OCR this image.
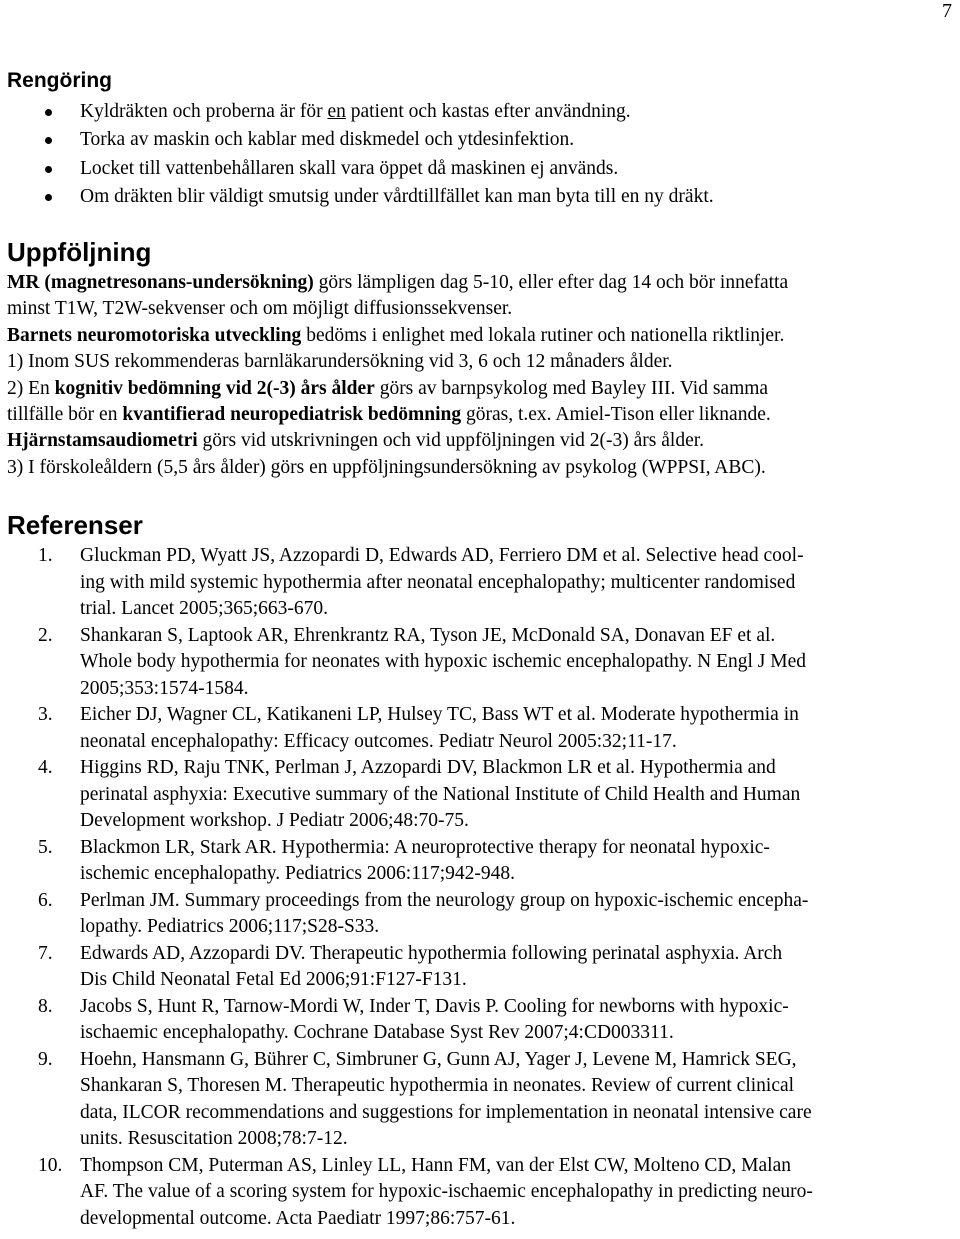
7
Rengöring
Kyldräkten och proberna är för en patient och kastas efter användning.
Torka av maskin och kablar med diskmedel och ytdesinfektion.
Locket till vattenbehållaren skall vara öppet då maskinen ej används.
Om dräkten blir väldigt smutsig under vårdtillfället kan man byta till en ny dräkt.
Uppföljning

MR (magnetresonans-undersökning) görs lämpligen dag 5-10, eller efter dag 14 och bör innefatta

minst T1W, T2W-sekvenser och om möjligt diffusionssekvenser.

Barnets neuromotoriska utveckling bedöms i enlighet med lokala rutiner och nationella riktlinjer.

1) Inom SUS rekommenderas barnläkarundersökning vid 3, 6 och 12 månaders ålder.

2) En kognitiv bedömning vid 2(-3) års ålder görs av barnpsykolog med Bayley III. Vid samma

tillfälle bör en kvantifierad neuropediatrisk bedömning göras, t.ex. Amiel-Tison eller liknande.

Hjärnstamsaudiometri görs vid utskrivningen och vid uppföljningen vid 2(-3) års ålder.

3) I förskoleåldern (5,5 års ålder) görs en uppföljningsundersökning av psykolog (WPPSI, ABC).

Referenser
1.	Gluckman PD, Wyatt JS, Azzopardi D, Edwards AD, Ferriero DM et al. Selective head cool-
ing with mild systemic hypothermia after neonatal encephalopathy; multicenter randomised
trial. Lancet 2005;365;663-670.
2.	Shankaran S, Laptook AR, Ehrenkrantz RA, Tyson JE, McDonald SA, Donavan EF et al.
Whole body hypothermia for neonates with hypoxic ischemic encephalopathy. N Engl J Med
2005;353:1574-1584.
3.	Eicher DJ, Wagner CL, Katikaneni LP, Hulsey TC, Bass WT et al. Moderate hypothermia in
neonatal encephalopathy: Efficacy outcomes. Pediatr Neurol 2005:32;11-17.
4.	Higgins RD, Raju TNK, Perlman J, Azzopardi DV, Blackmon LR et al. Hypothermia and
perinatal asphyxia: Executive summary of the National Institute of Child Health and Human
Development workshop. J Pediatr 2006;48:70-75.
5.	Blackmon LR, Stark AR. Hypothermia: A neuroprotective therapy for neonatal hypoxic-
ischemic encephalopathy. Pediatrics 2006:117;942-948.
6.	Perlman JM. Summary proceedings from the neurology group on hypoxic-ischemic encepha-
lopathy. Pediatrics 2006;117;S28-S33.
7.	Edwards AD, Azzopardi DV. Therapeutic hypothermia following perinatal asphyxia. Arch
Dis Child Neonatal Fetal Ed 2006;91:F127-F131.
8.	Jacobs S, Hunt R, Tarnow-Mordi W, Inder T, Davis P. Cooling for newborns with hypoxic-
ischaemic encephalopathy. Cochrane Database Syst Rev 2007;4:CD003311.
9.	Hoehn, Hansmann G, Bührer C, Simbruner G, Gunn AJ, Yager J, Levene M, Hamrick SEG,
Shankaran S, Thoresen M. Therapeutic hypothermia in neonates. Review of current clinical
data, ILCOR recommendations and suggestions for implementation in neonatal intensive care
units. Resuscitation 2008;78:7-12.
10. Thompson CM, Puterman AS, Linley LL, Hann FM, van der Elst CW, Molteno CD, Malan
AF. The value of a scoring system for hypoxic-ischaemic encephalopathy in predicting neuro-
developmental outcome. Acta Paediatr 1997;86:757-61.
